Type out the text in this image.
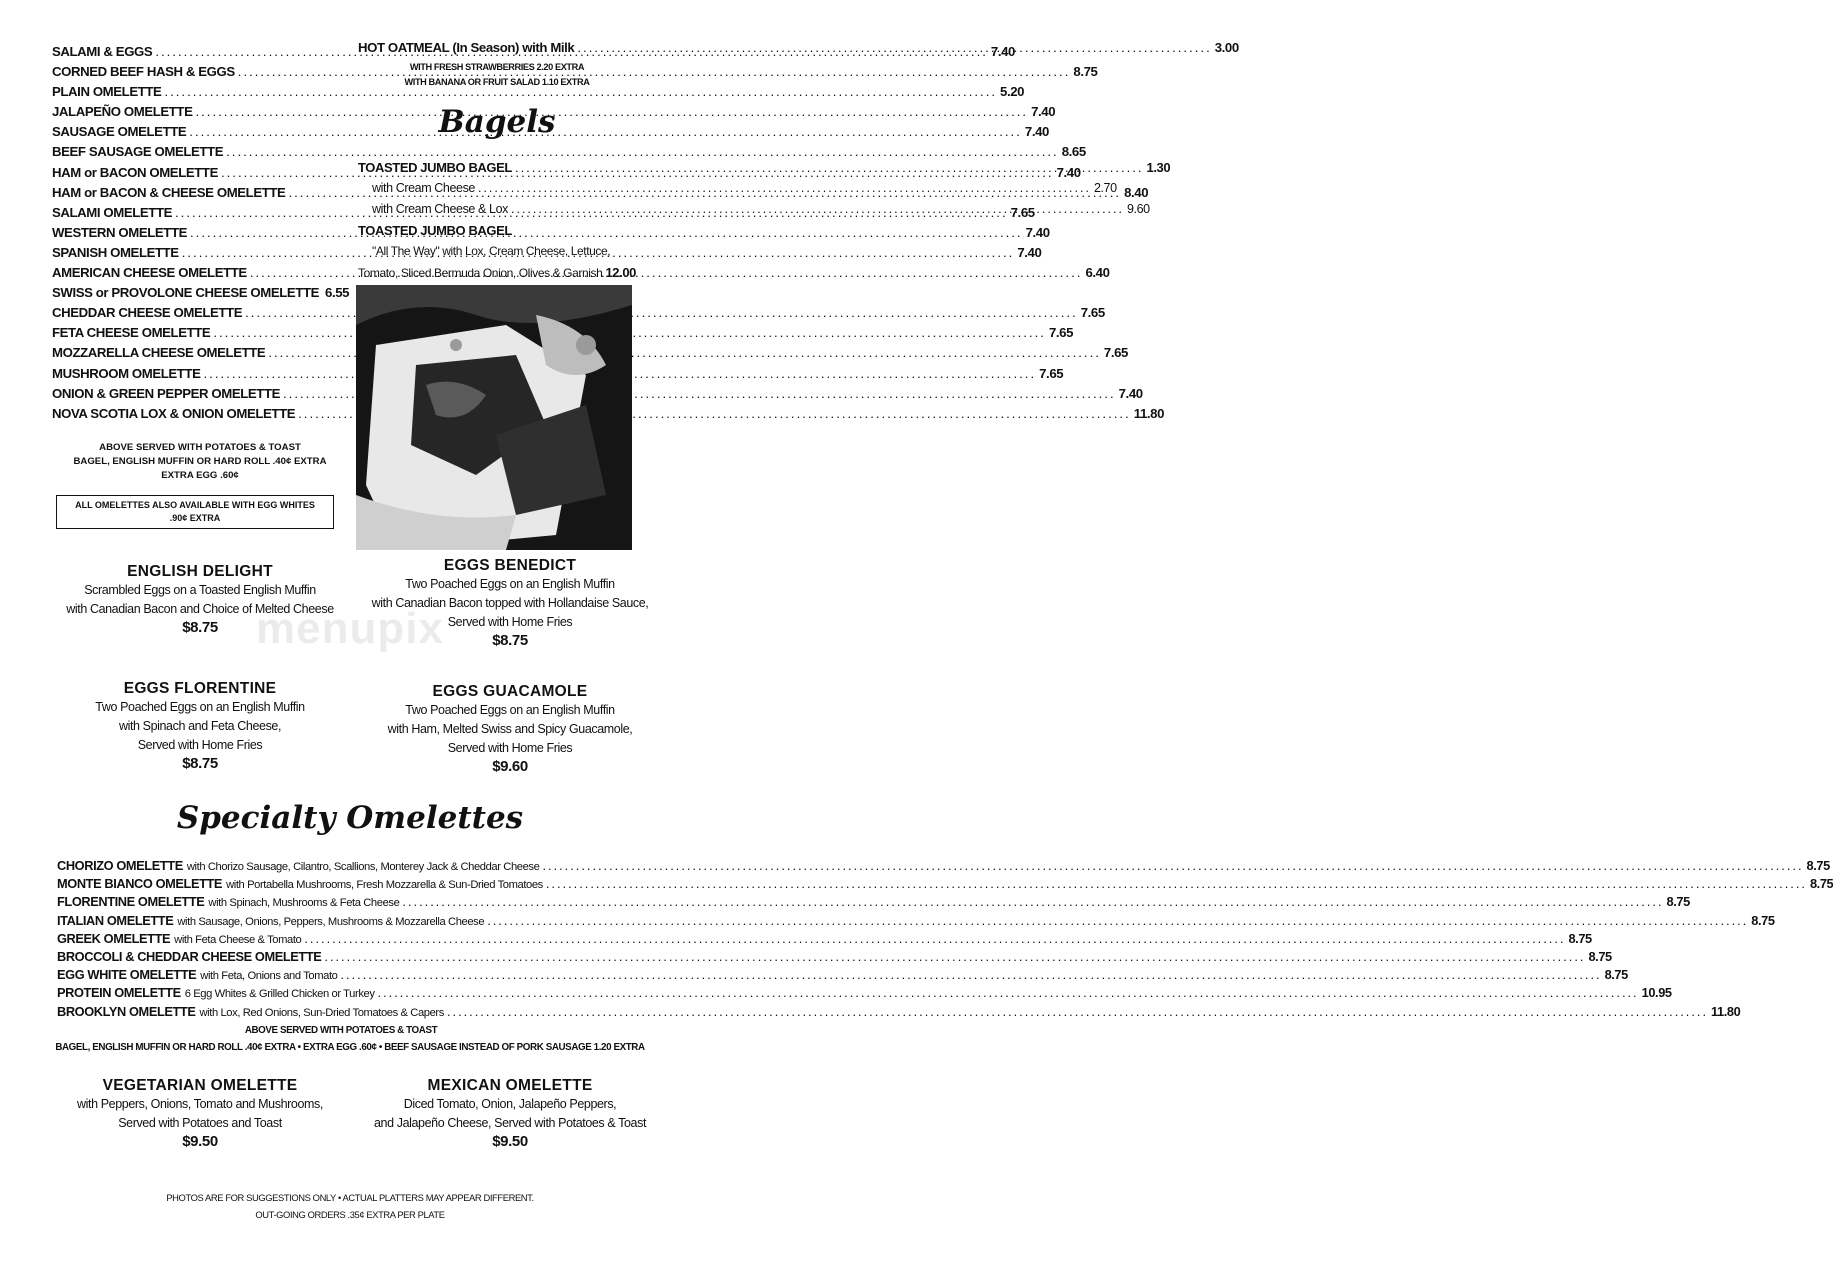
SALAMI & EGGS .....	7.40
CORNED BEEF HASH & EGGS .....	8.75
PLAIN OMELETTE .....	5.20
JALAPEÑO OMELETTE .....	7.40
SAUSAGE OMELETTE .....	7.40
BEEF SAUSAGE OMELETTE .....	8.65
HAM or BACON OMELETTE .....	7.40
HAM or BACON & CHEESE OMELETTE .....	8.40
SALAMI OMELETTE .....	7.65
WESTERN OMELETTE .....	7.40
SPANISH OMELETTE .....	7.40
AMERICAN CHEESE OMELETTE .....	6.40
SWISS or PROVOLONE CHEESE OMELETTE 6.55
CHEDDAR CHEESE OMELETTE .....	7.65
FETA CHEESE OMELETTE .....	7.65
MOZZARELLA CHEESE OMELETTE .....	7.65
MUSHROOM OMELETTE .....	7.65
ONION & GREEN PEPPER OMELETTE .....	7.40
NOVA SCOTIA LOX & ONION OMELETTE .....	11.80
ABOVE SERVED WITH POTATOES & TOAST
BAGEL, ENGLISH MUFFIN OR HARD ROLL .40¢ EXTRA
EXTRA EGG .60¢
ALL OMELETTES ALSO AVAILABLE WITH EGG WHITES
.90¢ EXTRA
HOT OATMEAL (In Season) with Milk .....	3.00
WITH FRESH STRAWBERRIES 2.20 EXTRA
WITH BANANA OR FRUIT SALAD 1.10 EXTRA
Bagels
TOASTED JUMBO BAGEL .....	1.30
with Cream Cheese .....	2.70
with Cream Cheese & Lox .....	9.60
TOASTED JUMBO BAGEL
"All The Way" with Lox, Cream Cheese, Lettuce,
Tomato, Sliced Bermuda Onion, Olives & Garnish 12.00
ENGLISH DELIGHT
Scrambled Eggs on a Toasted English Muffin
with Canadian Bacon and Choice of Melted Cheese
$8.75
EGGS BENEDICT
Two Poached Eggs on an English Muffin
with Canadian Bacon topped with Hollandaise Sauce,
Served with Home Fries
$8.75
menupix
EGGS FLORENTINE
Two Poached Eggs on an English Muffin
with Spinach and Feta Cheese,
Served with Home Fries
$8.75
EGGS GUACAMOLE
Two Poached Eggs on an English Muffin
with Ham, Melted Swiss and Spicy Guacamole,
Served with Home Fries
$9.60
Specialty Omelettes
CHORIZO OMELETTE with Chorizo Sausage, Cilantro, Scallions, Monterey Jack & Cheddar Cheese .....	8.75
MONTE BIANCO OMELETTE with Portabella Mushrooms, Fresh Mozzarella & Sun-Dried Tomatoes .....	8.75
FLORENTINE OMELETTE with Spinach, Mushrooms & Feta Cheese .....	8.75
ITALIAN OMELETTE with Sausage, Onions, Peppers, Mushrooms & Mozzarella Cheese .....	8.75
GREEK OMELETTE with Feta Cheese & Tomato .....	8.75
BROCCOLI & CHEDDAR CHEESE OMELETTE .....	8.75
EGG WHITE OMELETTE with Feta, Onions and Tomato .....	8.75
PROTEIN OMELETTE 6 Egg Whites & Grilled Chicken or Turkey .....	10.95
BROOKLYN OMELETTE with Lox, Red Onions, Sun-Dried Tomatoes & Capers .....	11.80
ABOVE SERVED WITH POTATOES & TOAST
BAGEL, ENGLISH MUFFIN OR HARD ROLL .40¢ EXTRA • EXTRA EGG .60¢ • BEEF SAUSAGE INSTEAD OF PORK SAUSAGE 1.20 EXTRA
VEGETARIAN OMELETTE
with Peppers, Onions, Tomato and Mushrooms,
Served with Potatoes and Toast
$9.50
MEXICAN OMELETTE
Diced Tomato, Onion, Jalapeño Peppers,
and Jalapeño Cheese, Served with Potatoes & Toast
$9.50
PHOTOS ARE FOR SUGGESTIONS ONLY • ACTUAL PLATTERS MAY APPEAR DIFFERENT.
OUT-GOING ORDERS .35¢ EXTRA PER PLATE
